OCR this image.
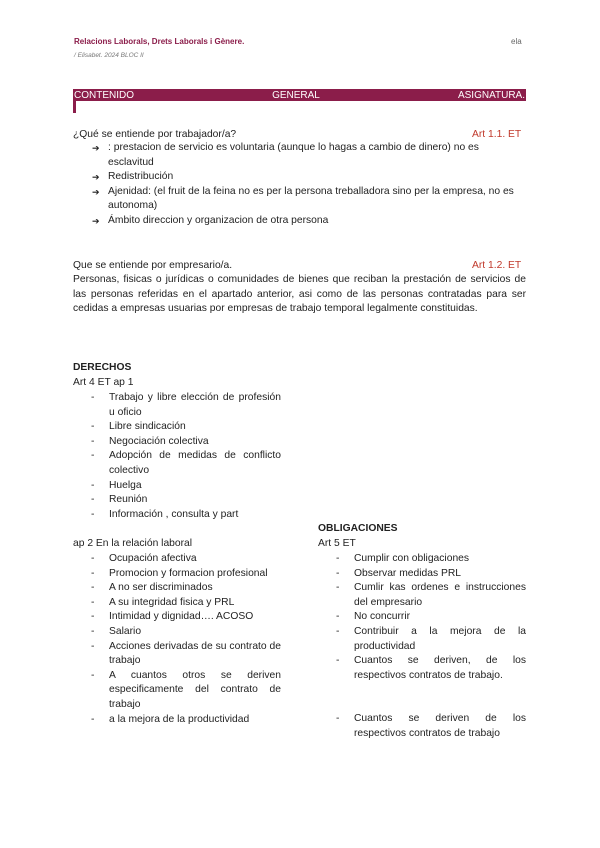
Relacions Laborals, Drets Laborals i Gènere.	ela
/ Elisabet. 2024 BLOC II
CONTENIDO	GENERAL	ASIGNATURA.
¿Qué se entiende por trabajador/a?	Art 1.1. ET
➔ : prestacion de servicio es voluntaria (aunque lo hagas a cambio de dinero) no es esclavitud
➔ Redistribución
➔ Ajenidad: (el fruit de la feina no es per la persona treballadora sino per la empresa, no es autonoma)
➔ Ámbito direccion y organizacion de otra persona
Que se entiende por empresario/a.	Art 1.2. ET
Personas, fisicas o jurídicas o comunidades de bienes que reciban la prestación de servicios de las personas referidas en el apartado anterior, asi como de las personas contratadas para ser cedidas a empresas usuarias por empresas de trabajo temporal legalmente constituidas.
DERECHOS
Art 4 ET ap 1
- Trabajo y libre elección de profesión u oficio
- Libre sindicación
- Negociación colectiva
- Adopción de medidas de conflicto colectivo
- Huelga
- Reunión
- Información , consulta y part
ap 2 En la relación laboral
- Ocupación afectiva
- Promocion y formacion profesional
- A no ser discriminados
- A su integridad fisica y PRL
- Intimidad y dignidad…. ACOSO
- Salario
- Acciones derivadas de su contrato de trabajo
- A cuantos otros se deriven especificamente del contrato de trabajo
- a la mejora de la productividad
OBLIGACIONES
Art 5 ET
- Cumplir con obligaciones
- Observar medidas PRL
- Cumlir kas ordenes e instrucciones del empresario
- No concurrir
- Contribuir a la mejora de la productividad
- Cuantos se deriven, de los respectivos contratos de trabajo.
- Cuantos se deriven de los respectivos contratos de trabajo
